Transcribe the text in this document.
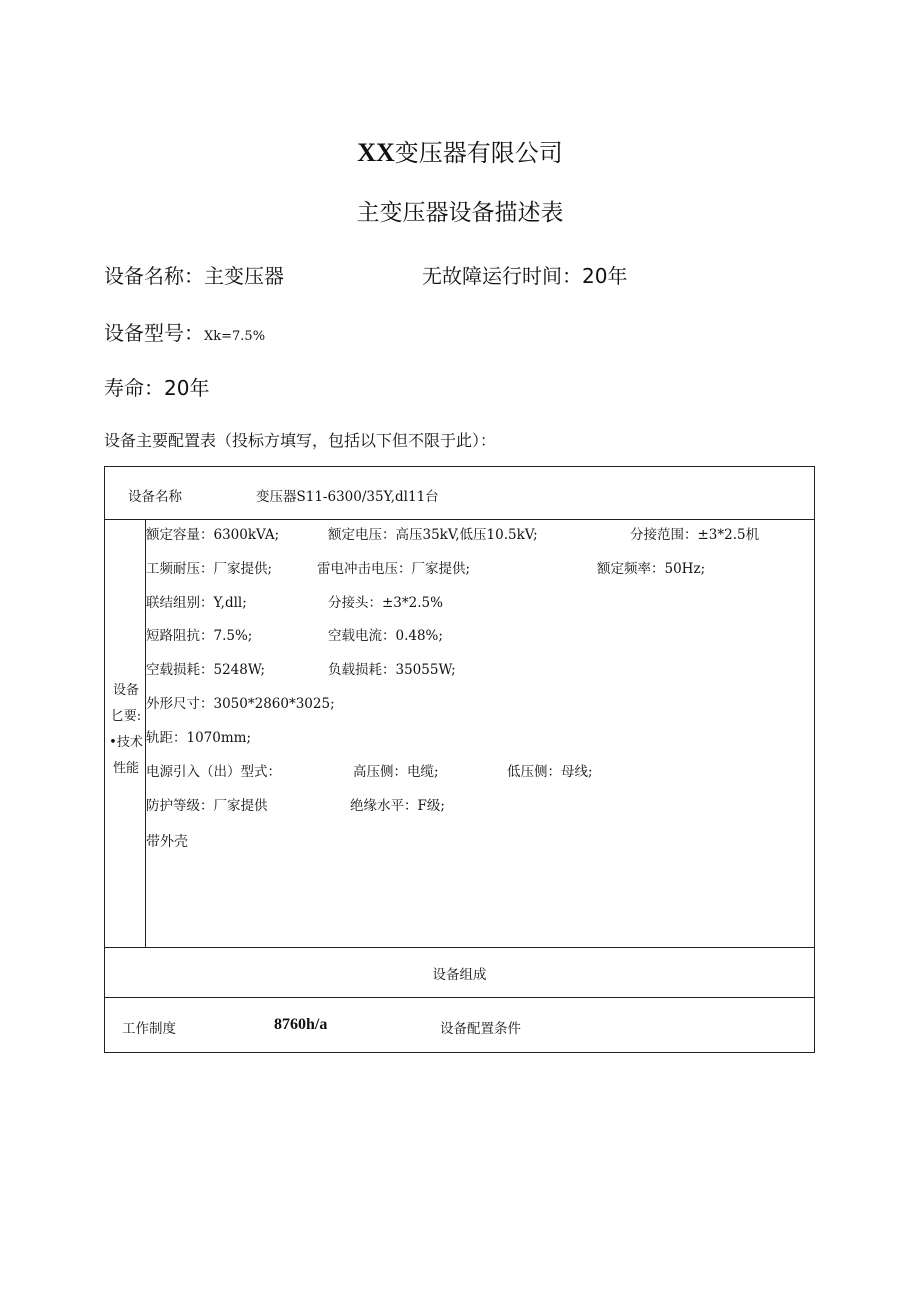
XX变压器有限公司
主变压器设备描述表
设备名称：主变压器	无故障运行时间：20年
设备型号：Xk=7.5%
寿命：20年
设备主要配置表（投标方填写，包括以下但不限于此）：
设备名称	变压器S11-6300/35Y,dl11台
设备
匕要:
•技术
性能
额定容量：6300kVA;	额定电压：高压35kV,低压10.5kV;	分接范围：±3*2.5机
工频耐压：厂家提供;	雷电冲击电压：厂家提供;	额定频率：50Hz;
联结组别：Y,dll;	分接头：±3*2.5%
短路阻抗：7.5%;	空载电流：0.48%;
空载损耗：5248W;	负载损耗：35055W;
外形尺寸：3050*2860*3025;
轨距：1070mm;
电源引入（出）型式：	高压侧：电缆;	低压侧：母线;
防护等级：厂家提供	绝缘水平：F级;
带外壳
设备组成
工作制度	8760h/a	设备配置条件
